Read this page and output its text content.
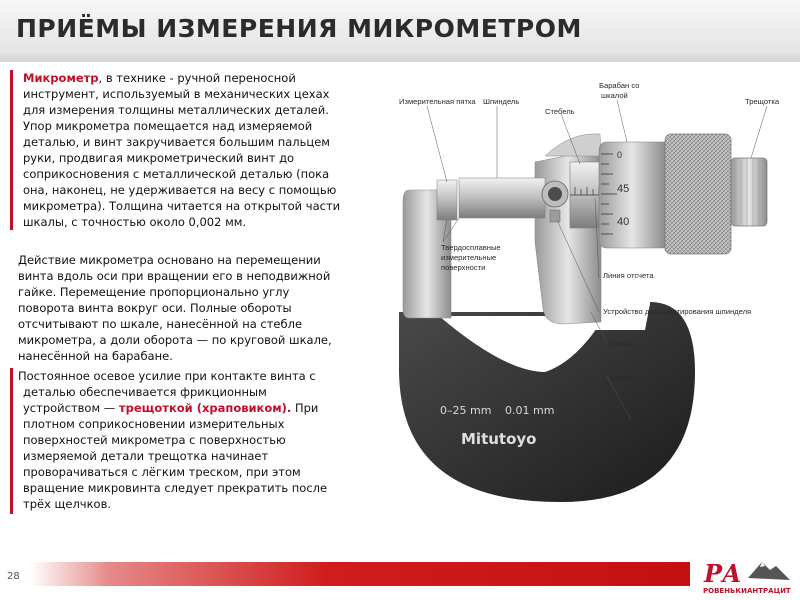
ПРИЁМЫ ИЗМЕРЕНИЯ МИКРОМЕТРОМ
Микрометр, в технике - ручной переносной
инструмент, используемый в механических цехах
для измерения толщины металлических деталей.
Упор микрометра помещается над измеряемой
деталью, и винт закручивается большим пальцем
руки, продвигая микрометрический винт до
соприкосновения с металлической деталью (пока
она, наконец, не удерживается на весу с помощью
микрометра). Толщина читается на открытой части
шкалы, с точностью около 0,002 мм.
Действие микрометра основано на перемещении
винта вдоль оси при вращении его в неподвижной
гайке. Перемещение пропорционально углу
поворота винта вокруг оси. Полные обороты
отсчитывают по шкале, нанесённой на стебле
микрометра, а доли оборота — по круговой шкале,
нанесённой на барабане.
Постоянное осевое усилие при контакте винта с
деталью обеспечивается фрикционным
устройством — трещоткой (храповиком). При
плотном соприкосновении измерительных
поверхностей микрометра с поверхностью
измеряемой детали трещотка начинает
проворачиваться с лёгким треском, при этом
вращение микровинта следует прекратить после
трёх щелчков.
0
45
40
0–25 mm 0.01 mm
Mitutoyo
Измерительная пятка Шпиндель
Стебель
Барабан со
шкалой
Трещотка
Твердосплавные
измерительные
поверхности
Линия отсчета
Устройство для арретирования шпинделя
Скоба
Изоляция
28	РА
РОВЕНЬКИАНТРАЦИТ
